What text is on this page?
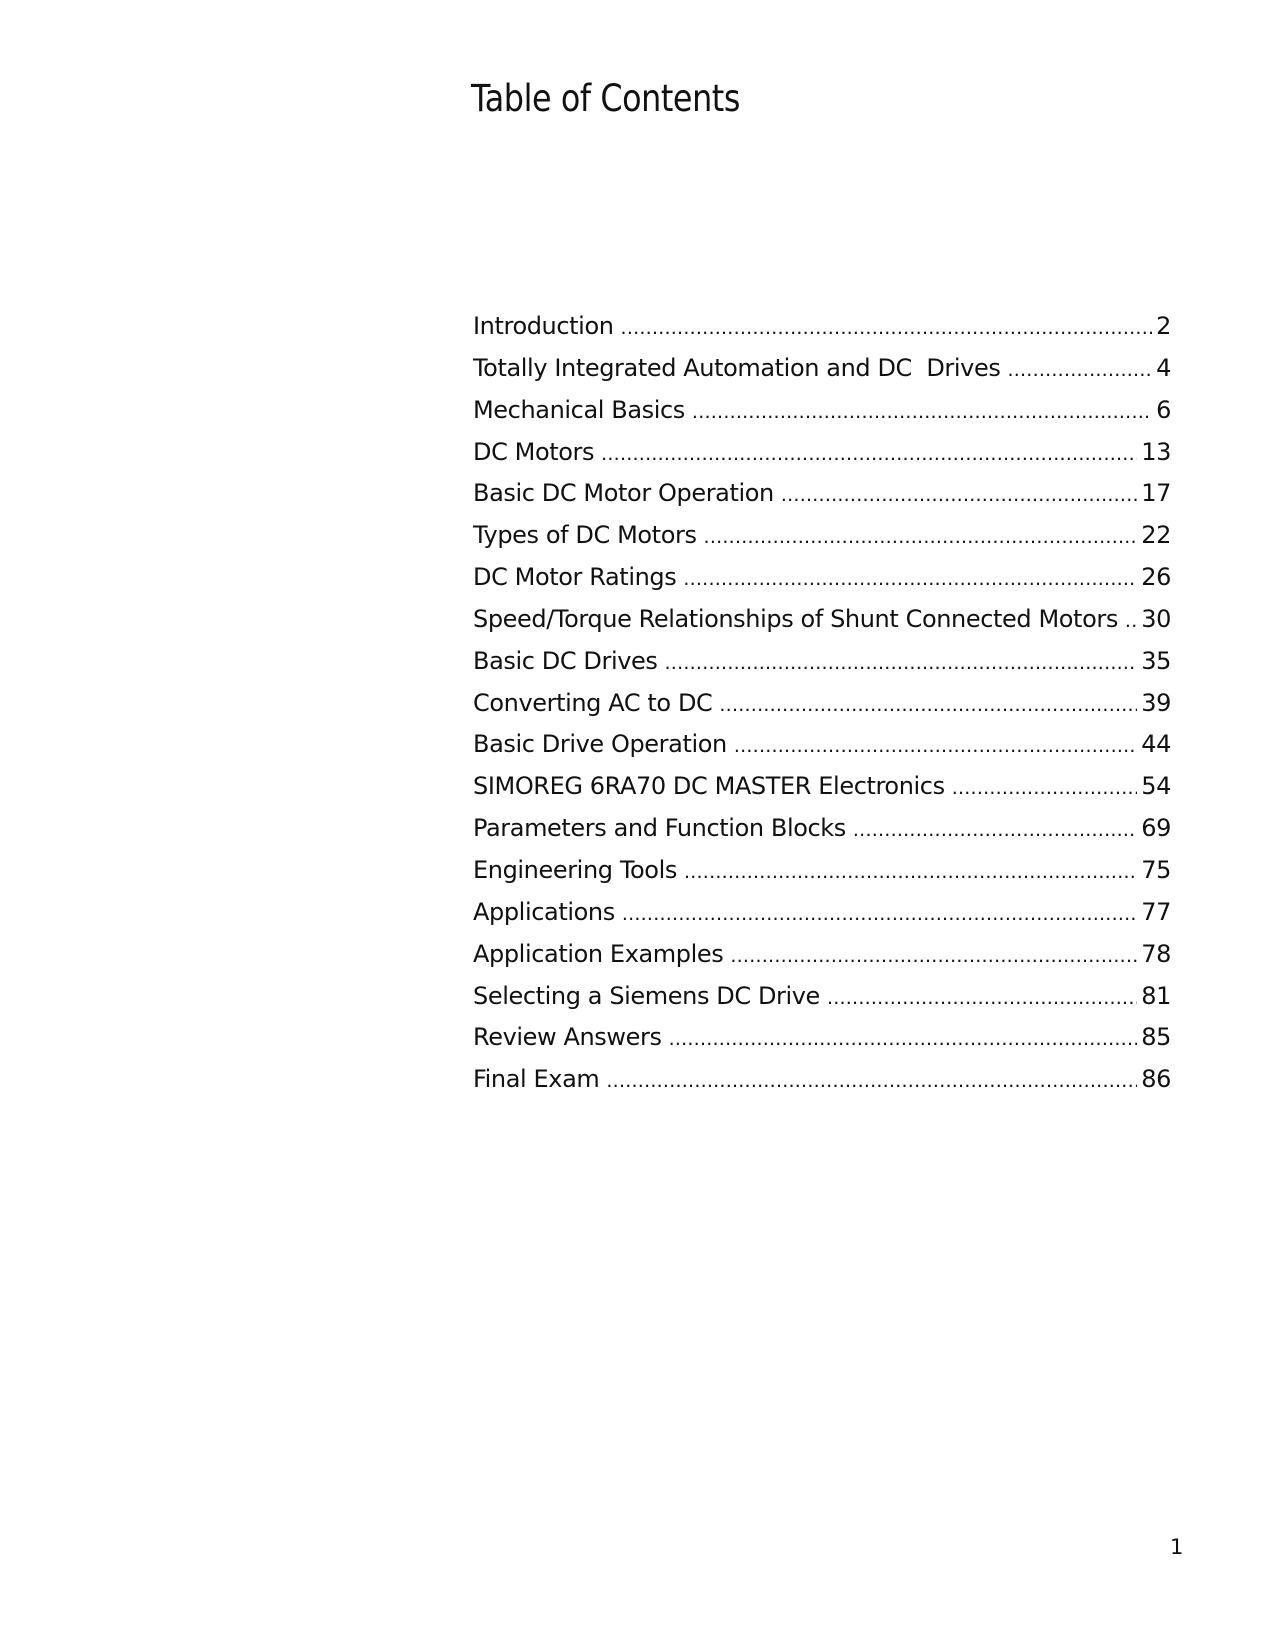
Table of Contents
Introduction . . .	2
Totally Integrated Automation and DC  Drives . . .	4
Mechanical Basics . . .	6
DC Motors . . .	13
Basic DC Motor Operation . . .	17
Types of DC Motors . . .	22
DC Motor Ratings . . .	26
Speed/Torque Relationships of Shunt Connected Motors . . . 30
Basic DC Drives . . .	35
Converting AC to DC . . .	39
Basic Drive Operation . . .	44
SIMOREG 6RA70 DC MASTER Electronics . . .	54
Parameters and Function Blocks . . .	69
Engineering Tools . . .	75
Applications . . .	77
Application Examples . . .	78
Selecting a Siemens DC Drive . . .	81
Review Answers . . .	85
Final Exam . . .	86
1
